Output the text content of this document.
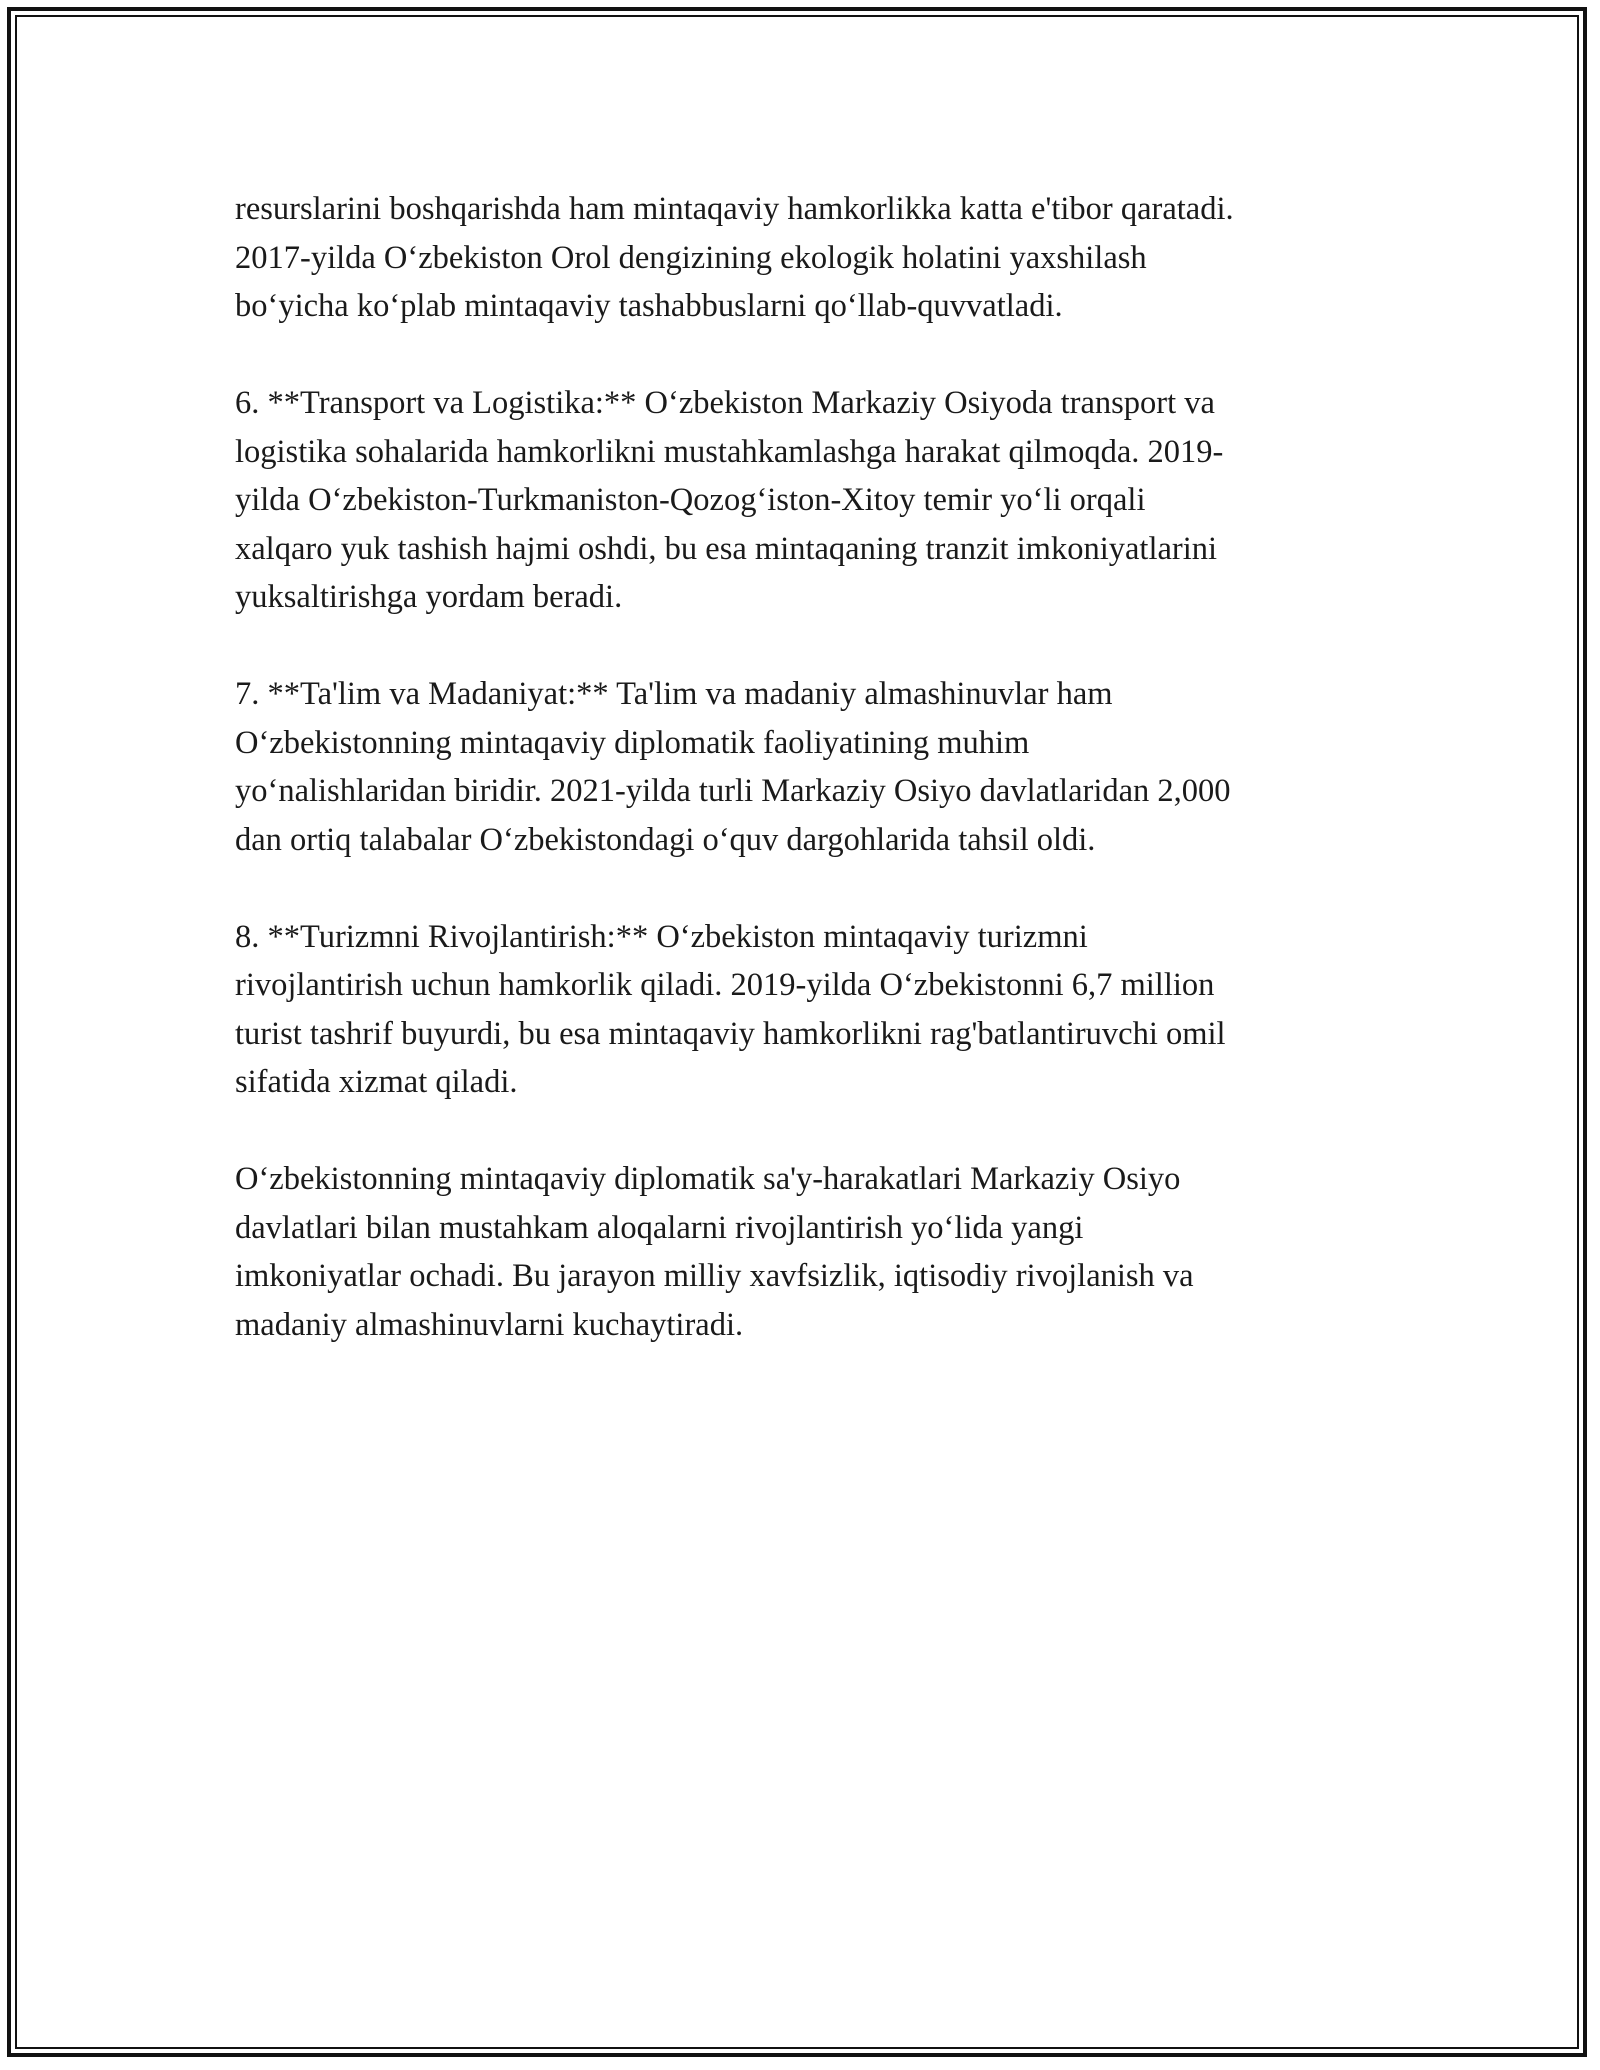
resurslarini boshqarishda ham mintaqaviy hamkorlikka katta e'tibor qaratadi.
2017-yilda O‘zbekiston Orol dengizining ekologik holatini yaxshilash
bo‘yicha ko‘plab mintaqaviy tashabbuslarni qo‘llab-quvvatladi.

6. **Transport va Logistika:** O‘zbekiston Markaziy Osiyoda transport va
logistika sohalarida hamkorlikni mustahkamlashga harakat qilmoqda. 2019-
yilda O‘zbekiston-Turkmaniston-Qozog‘iston-Xitoy temir yo‘li orqali
xalqaro yuk tashish hajmi oshdi, bu esa mintaqaning tranzit imkoniyatlarini
yuksaltirishga yordam beradi.

7. **Ta'lim va Madaniyat:** Ta'lim va madaniy almashinuvlar ham
O‘zbekistonning mintaqaviy diplomatik faoliyatining muhim
yo‘nalishlaridan biridir. 2021-yilda turli Markaziy Osiyo davlatlaridan 2,000
dan ortiq talabalar O‘zbekistondagi o‘quv dargohlarida tahsil oldi.

8. **Turizmni Rivojlantirish:** O‘zbekiston mintaqaviy turizmni
rivojlantirish uchun hamkorlik qiladi. 2019-yilda O‘zbekistonni 6,7 million
turist tashrif buyurdi, bu esa mintaqaviy hamkorlikni rag'batlantiruvchi omil
sifatida xizmat qiladi.

O‘zbekistonning mintaqaviy diplomatik sa'y-harakatlari Markaziy Osiyo
davlatlari bilan mustahkam aloqalarni rivojlantirish yo‘lida yangi
imkoniyatlar ochadi. Bu jarayon milliy xavfsizlik, iqtisodiy rivojlanish va
madaniy almashinuvlarni kuchaytiradi.
